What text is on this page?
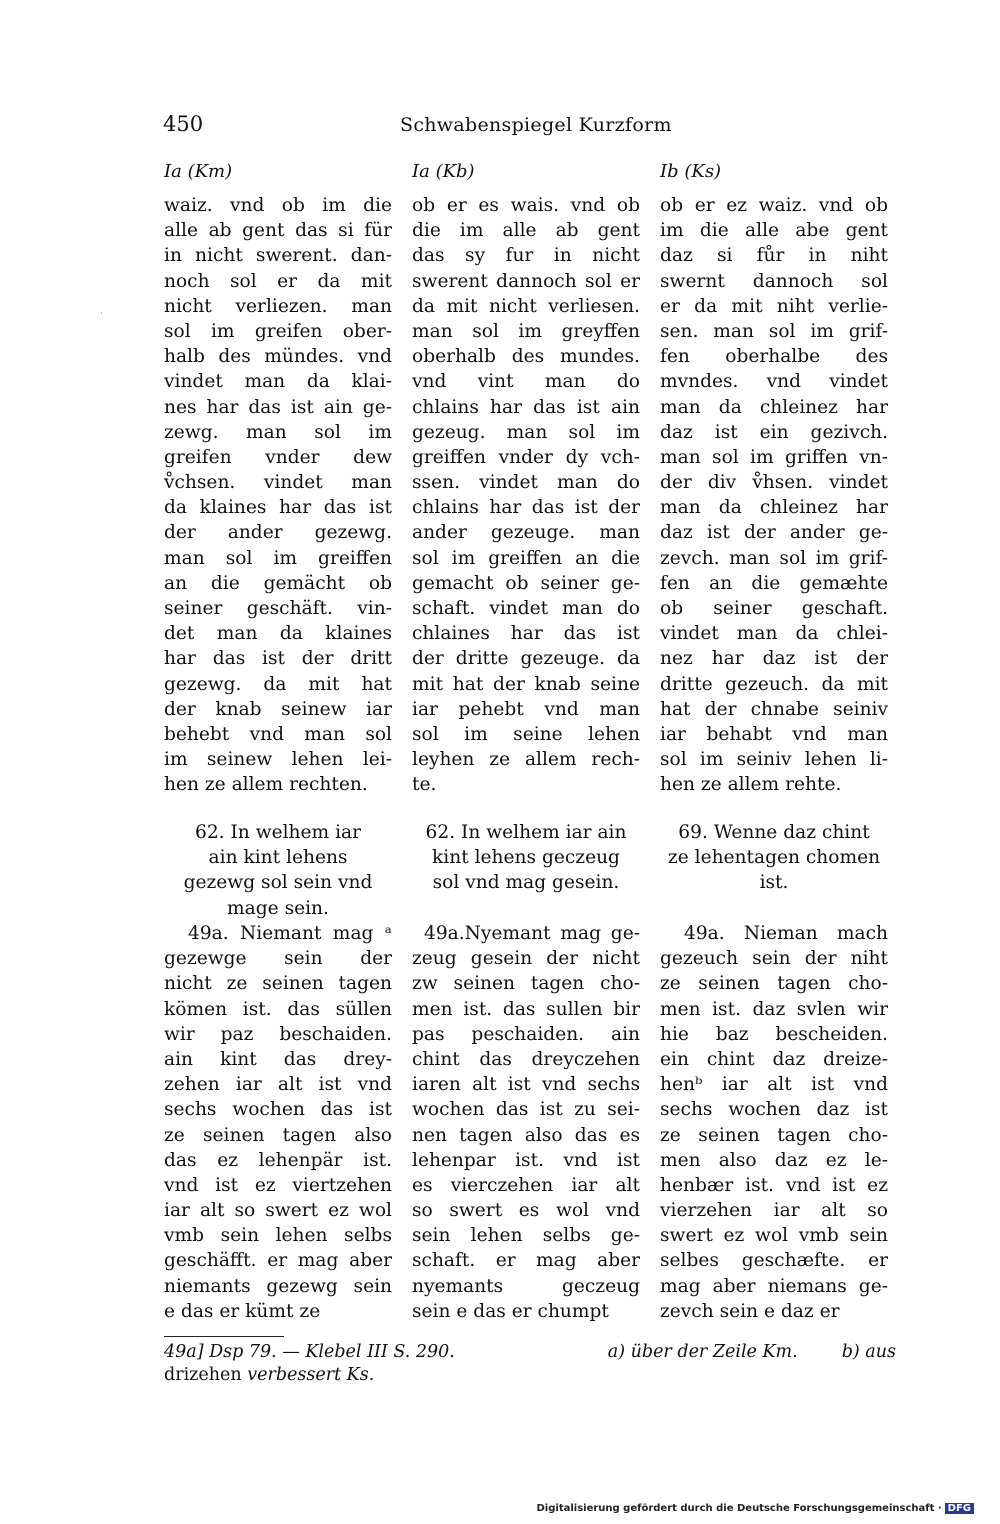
450	Schwabenspiegel Kurzform
˙
Ia (Km)	Ia (Kb)	Ib (Ks)
waiz. vnd ob im die
alle ab gent das si für
in nicht swerent. dan-
noch sol er da mit
nicht verliezen. man
sol im greifen ober-
halb des mündes. vnd
vindet man da klai-
nes har das ist ain ge-
zewg. man sol im
greifen vnder dew
v̊chsen. vindet man
da klaines har das ist
der ander gezewg.
man sol im greiffen
an die gemächt ob
seiner geschäft. vin-
det man da klaines
har das ist der dritt
gezewg. da mit hat
der knab seinew iar
behebt vnd man sol
im seinew lehen lei-
hen ze allem rechten.
ob er es wais. vnd ob
die im alle ab gent
das sy fur in nicht
swerent dannoch sol er
da mit nicht verliesen.
man sol im greyffen
oberhalb des mundes.
vnd vint man do
chlains har das ist ain
gezeug. man sol im
greiffen vnder dy vch-
ssen. vindet man do
chlains har das ist der
ander gezeuge. man
sol im greiffen an die
gemacht ob seiner ge-
schaft. vindet man do
chlaines har das ist
der dritte gezeuge. da
mit hat der knab seine
iar pehebt vnd man
sol im seine lehen
leyhen ze allem rech-
te.
ob er ez waiz. vnd ob
im die alle abe gent
daz si fůr in niht
swernt dannoch sol
er da mit niht verlie-
sen. man sol im grif-
fen oberhalbe des
mvndes. vnd vindet
man da chleinez har
daz ist ein gezivch.
man sol im griffen vn-
der div v̊hsen. vindet
man da chleinez har
daz ist der ander ge-
zevch. man sol im grif-
fen an die gemæhte
ob seiner geschaft.
vindet man da chlei-
nez har daz ist der
dritte gezeuch. da mit
hat der chnabe seiniv
iar behabt vnd man
sol im seiniv lehen li-
hen ze allem rehte.
62. In welhem iar
ain kint lehens
gezewg sol sein vnd
mage sein.
62. In welhem iar ain
kint lehens geczeug
sol vnd mag gesein.
69. Wenne daz chint
ze lehentagen chomen
ist.
49a. Niemant mag ᵃ
gezewge sein der
nicht ze seinen tagen
kömen ist. das süllen
wir paz beschaiden.
ain kint das drey-
zehen iar alt ist vnd
sechs wochen das ist
ze seinen tagen also
das ez lehenpär ist.
vnd ist ez viertzehen
iar alt so swert ez wol
vmb sein lehen selbs
geschäfft. er mag aber
niemants gezewg sein
e das er kümt ze
49a.Nyemant mag ge-
zeug gesein der nicht
zw seinen tagen cho-
men ist. das sullen bir
pas peschaiden. ain
chint das dreyczehen
iaren alt ist vnd sechs
wochen das ist zu sei-
nen tagen also das es
lehenpar ist. vnd ist
es vierczehen iar alt
so swert es wol vnd
sein lehen selbs ge-
schaft. er mag aber
nyemants geczeug
sein e das er chumpt
49a. Nieman mach
gezeuch sein der niht
ze seinen tagen cho-
men ist. daz svlen wir
hie baz bescheiden.
ein chint daz dreize-
henᵇ iar alt ist vnd
sechs wochen daz ist
ze seinen tagen cho-
men also daz ez le-
henbær ist. vnd ist ez
vierzehen iar alt so
swert ez wol vmb sein
selbes geschæfte. er
mag aber niemans ge-
zevch sein e daz er
49a] Dsp 79. — Klebel III S. 290.	b) aus
a) über der Zeile Km.
drizehen verbessert Ks.
Digitalisierung gefördert durch die Deutsche Forschungsgemeinschaft · DFG
